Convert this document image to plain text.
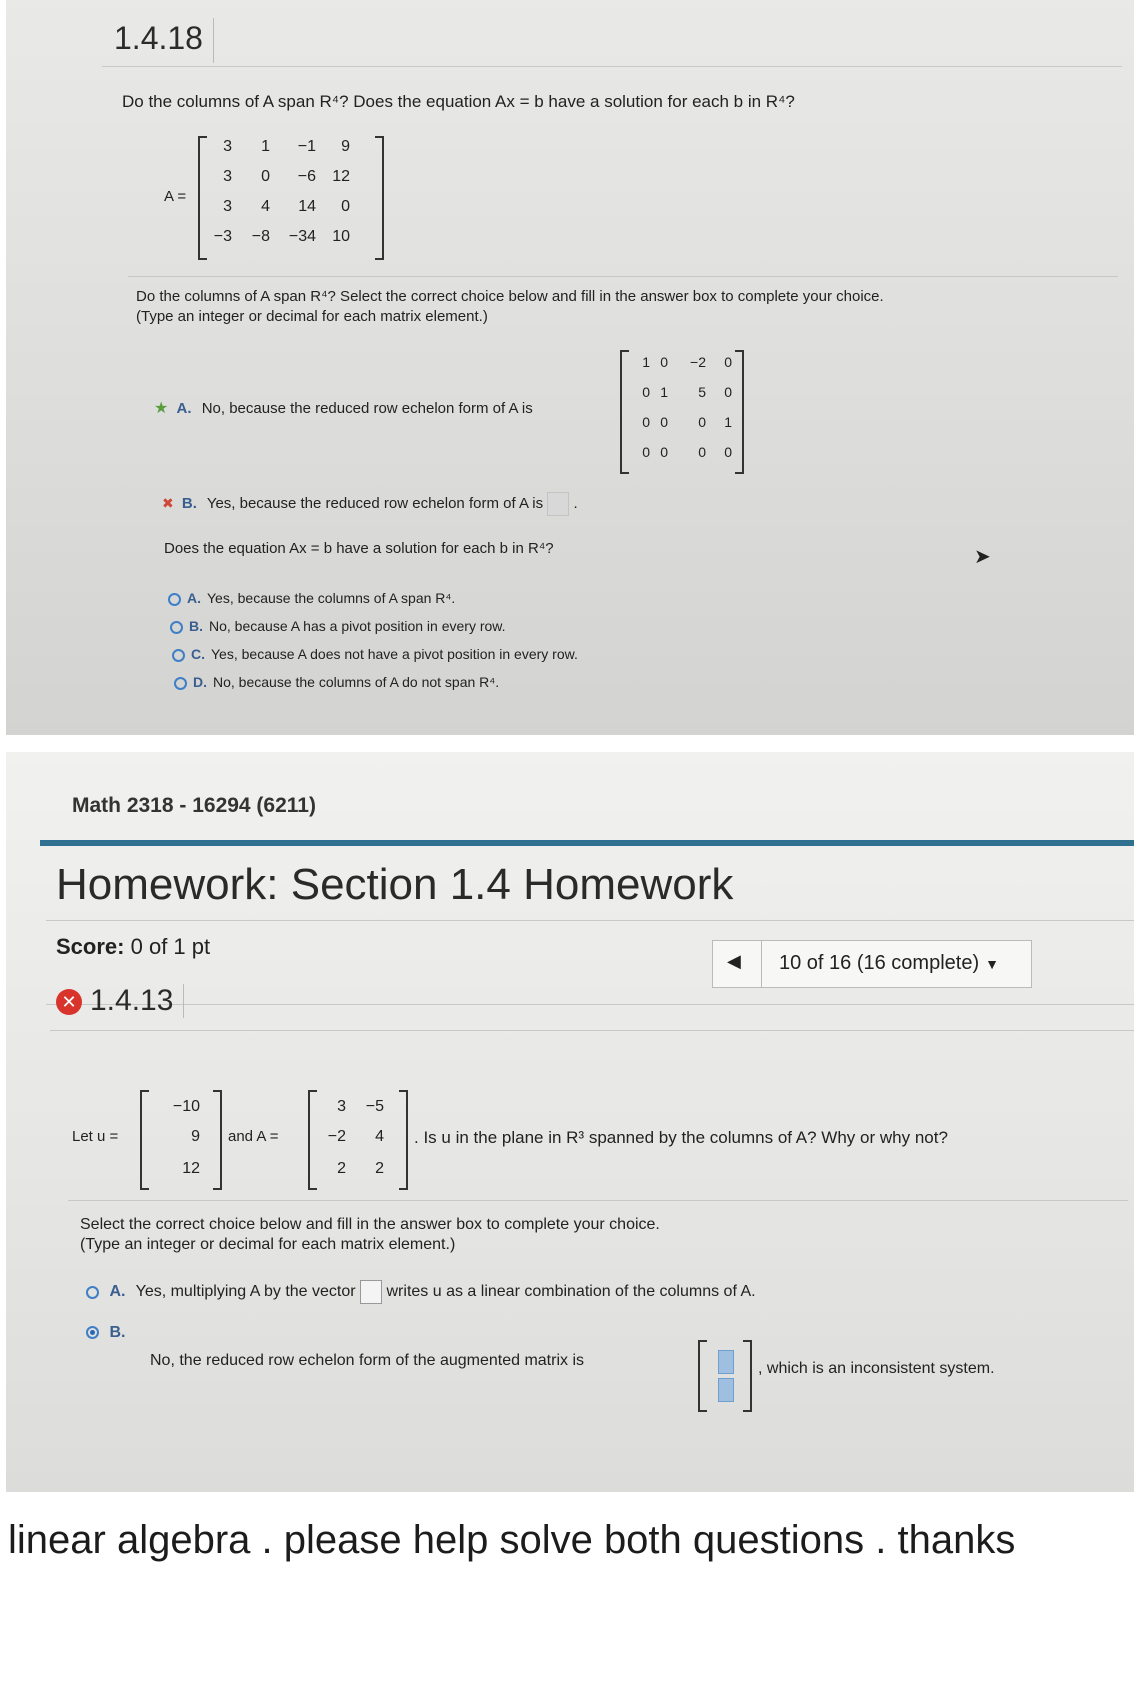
1.4.18
Do the columns of A span R⁴? Does the equation Ax = b have a solution for each b in R⁴?
A =
3	1	−1	9
3	0	−6	12
3	4	14	0
−3	−8 −34	10
Do the columns of A span R⁴? Select the correct choice below and fill in the answer box to complete your choice.
(Type an integer or decimal for each matrix element.)
★ A. No, because the reduced row echelon form of A is
1 0	−2	0
0 1	5	0
0 0	0	1
0 0	0	0
✖ B. Yes, because the reduced row echelon form of A is  .
Does the equation Ax = b have a solution for each b in R⁴?
A. Yes, because the columns of A span R⁴.
B. No, because A has a pivot position in every row.
C. Yes, because A does not have a pivot position in every row.
D. No, because the columns of A do not span R⁴.
➤
Math 2318 - 16294 (6211)
Homework: Section 1.4 Homework
Score: 0 of 1 pt
◀ 10 of 16 (16 complete) ▼
✕ 1.4.13
Let u =
−10
9
12
and A =
3	−5
−2	4
2	2
. Is u in the plane in R³ spanned by the columns of A? Why or why not?
Select the correct choice below and fill in the answer box to complete your choice.
(Type an integer or decimal for each matrix element.)
A. Yes, multiplying A by the vector writes u as a linear combination of the columns of A.
B.
No, the reduced row echelon form of the augmented matrix is	, which is an inconsistent system.
linear algebra . please help solve both questions . thanks
